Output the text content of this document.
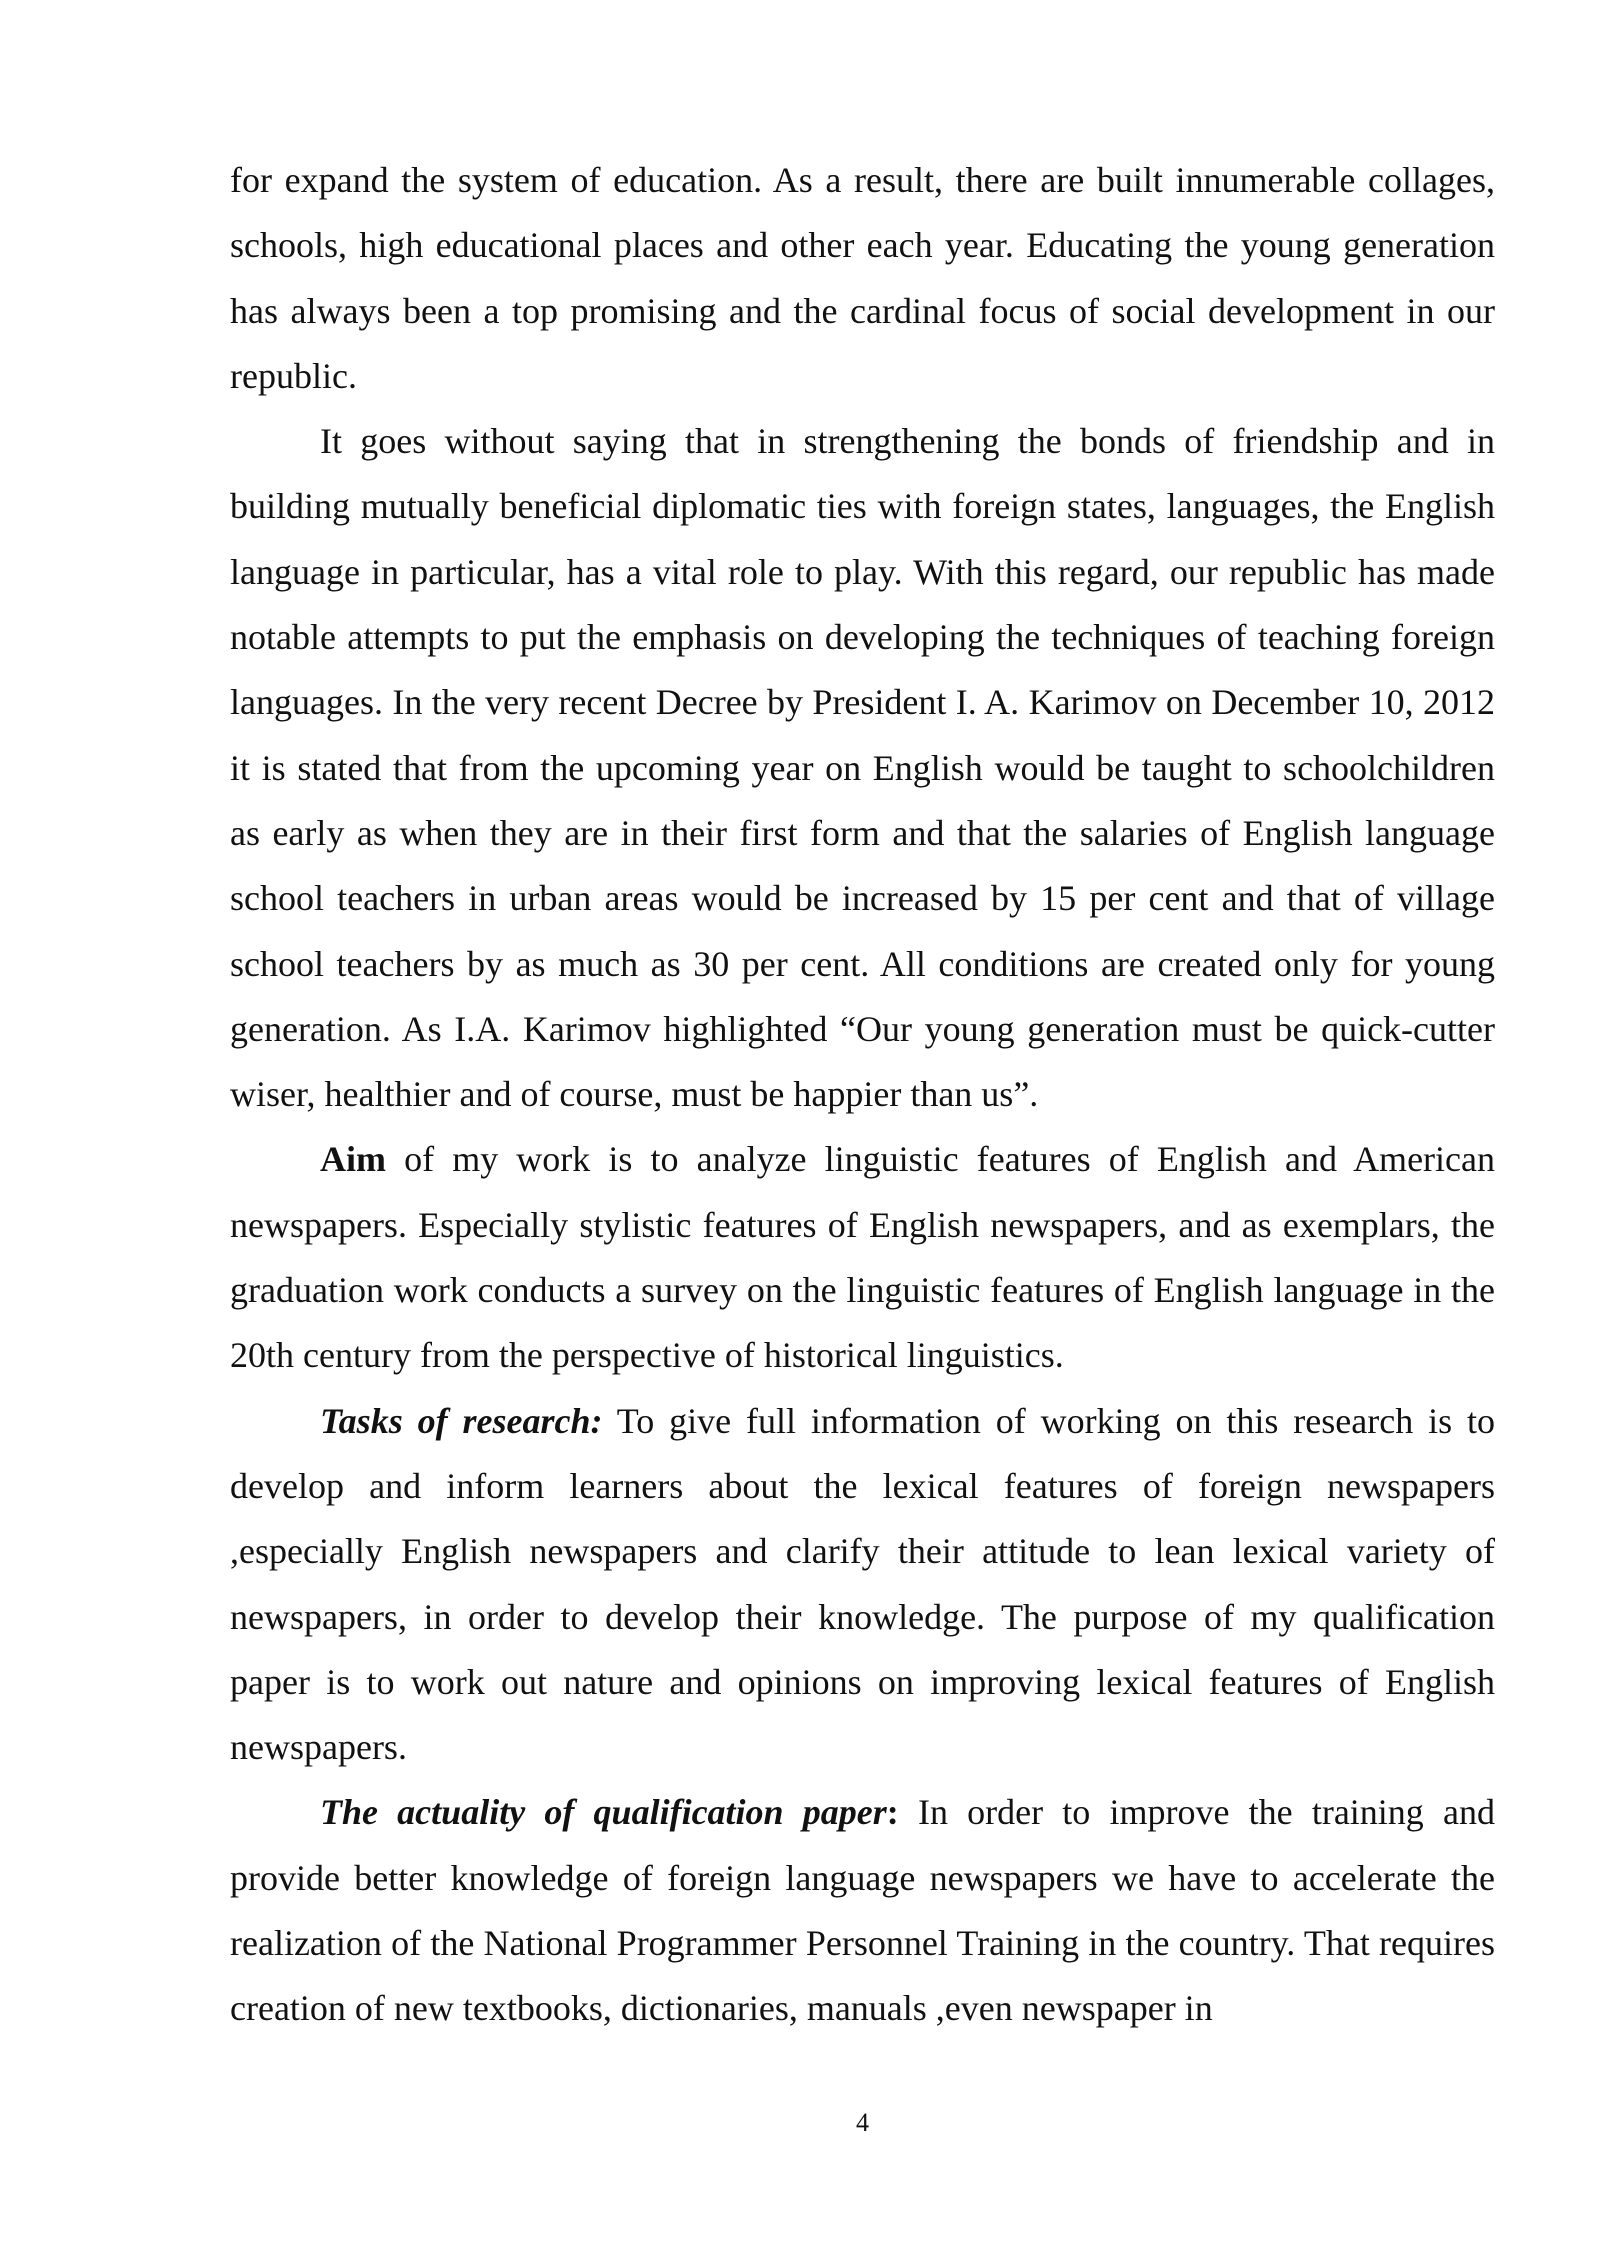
for expand the system of education. As a result, there are built innumerable collages, schools, high educational places and other each year. Educating the young generation has always been a top promising and the cardinal focus of social development in our republic.

It goes without saying that in strengthening the bonds of friendship and in building mutually beneficial diplomatic ties with foreign states, languages, the English language in particular, has a vital role to play. With this regard, our republic has made notable attempts to put the emphasis on developing the techniques of teaching foreign languages. In the very recent Decree by President I. A. Karimov on December 10, 2012 it is stated that from the upcoming year on English would be taught to schoolchildren as early as when they are in their first form and that the salaries of English language school teachers in urban areas would be increased by 15 per cent and that of village school teachers by as much as 30 per cent. All conditions are created only for young generation. As I.A. Karimov highlighted “Our young generation must be quick-cutter wiser, healthier and of course, must be happier than us”.

Aim of my work is to analyze linguistic features of English and American newspapers. Especially stylistic features of English newspapers, and as exemplars, the graduation work conducts a survey on the linguistic features of English language in the 20th century from the perspective of historical linguistics.

Tasks of research: To give full information of working on this research is to develop and inform learners about the lexical features of foreign newspapers ,especially English newspapers and clarify their attitude to lean lexical variety of newspapers, in order to develop their knowledge. The purpose of my qualification paper is to work out nature and opinions on improving lexical features of English newspapers.

The actuality of qualification paper: In order to improve the training and provide better knowledge of foreign language newspapers we have to accelerate the realization of the National Programmer Personnel Training in the country. That requires creation of new textbooks, dictionaries, manuals ,even newspaper in

4
